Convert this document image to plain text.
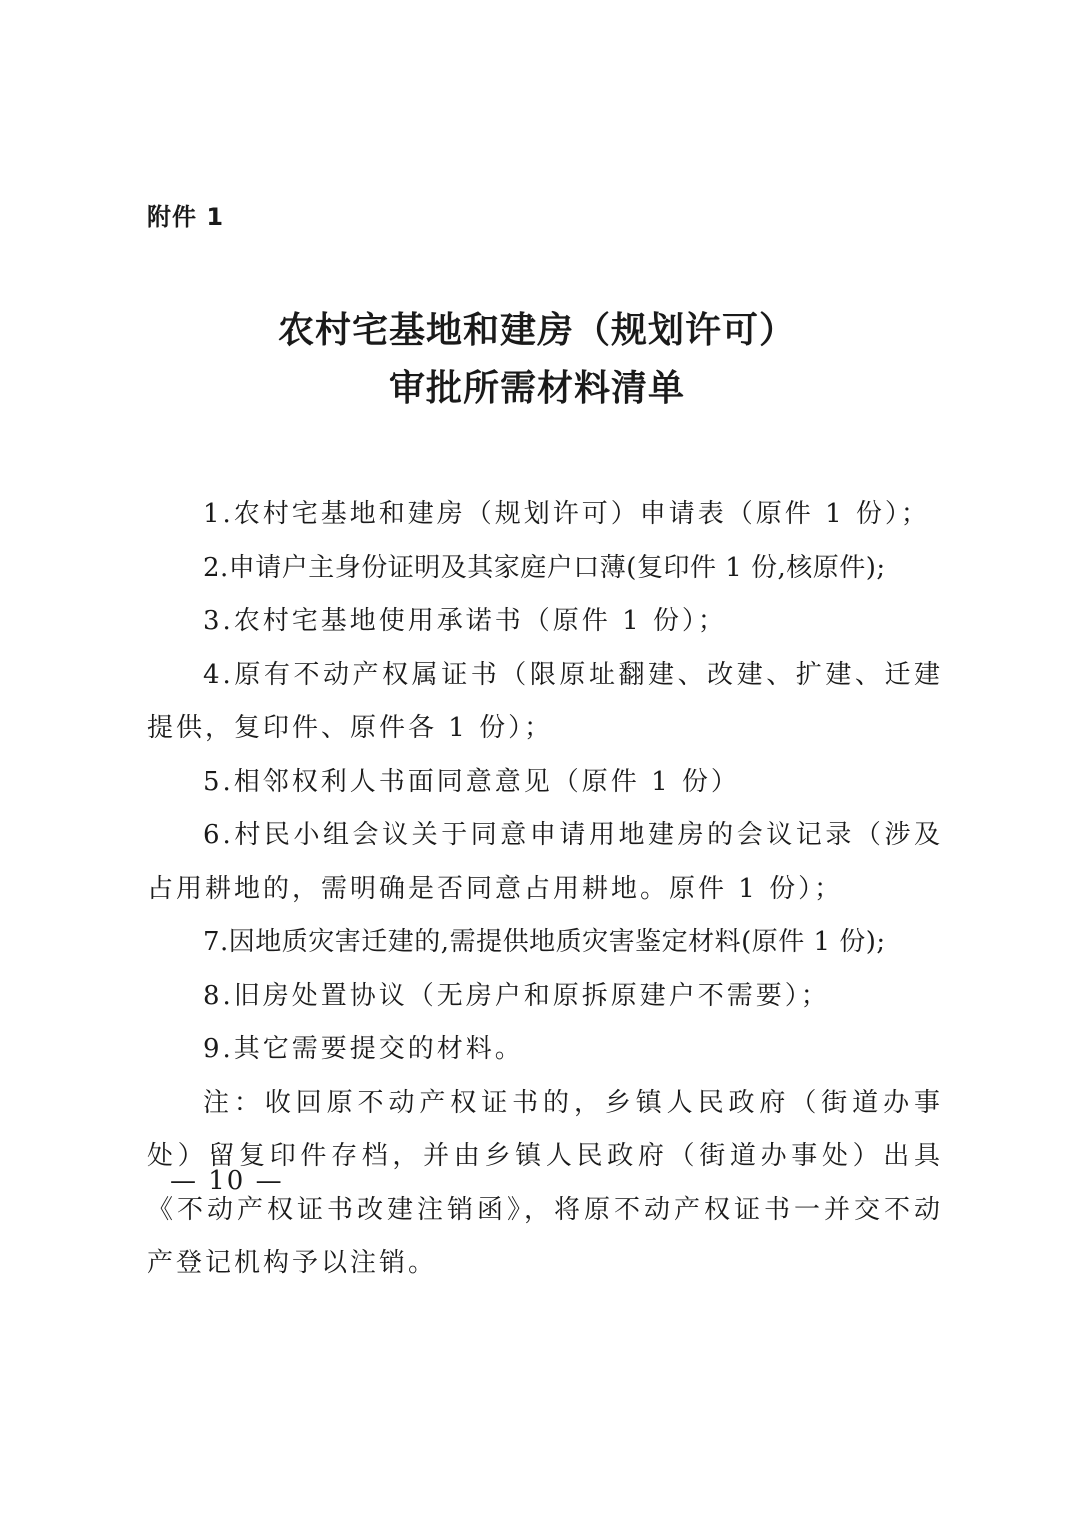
附件 1
农村宅基地和建房（规划许可）
审批所需材料清单

1.农村宅基地和建房（规划许可）申请表（原件 1 份）；

2.申请户主身份证明及其家庭户口薄(复印件 1 份,核原件);

3.农村宅基地使用承诺书（原件 1 份）；

4.原有不动产权属证书（限原址翻建、改建、扩建、迁建提供，复印件、原件各 1 份）；

5.相邻权利人书面同意意见（原件 1 份）

6.村民小组会议关于同意申请用地建房的会议记录（涉及占用耕地的，需明确是否同意占用耕地。原件 1 份）；

7.因地质灾害迁建的,需提供地质灾害鉴定材料(原件 1 份);

8.旧房处置协议（无房户和原拆原建户不需要）；

9.其它需要提交的材料。

注：收回原不动产权证书的，乡镇人民政府（街道办事处）留复印件存档，并由乡镇人民政府（街道办事处）出具《不动产权证书改建注销函》，将原不动产权证书一并交不动产登记机构予以注销。

— 10 —
